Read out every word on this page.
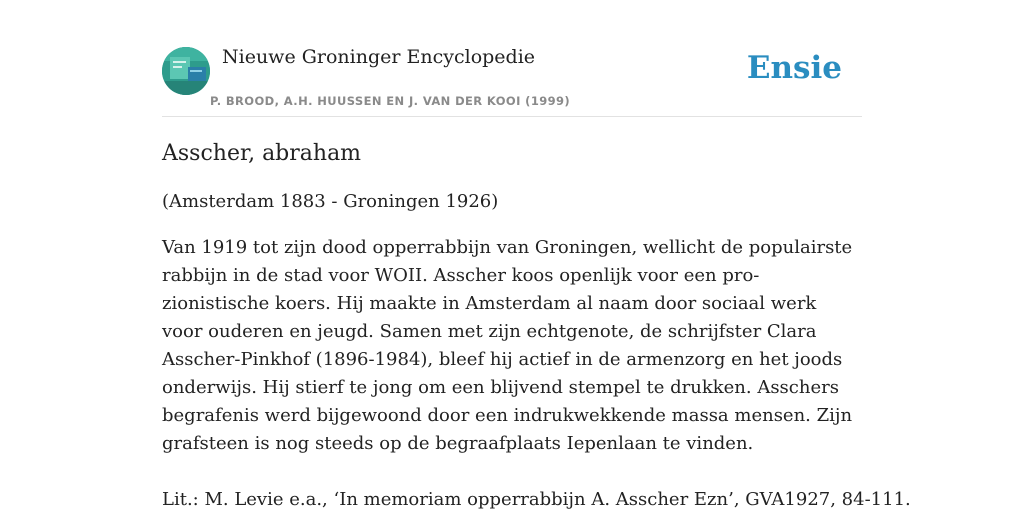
Nieuwe Groninger Encyclopedie
P. BROOD, A.H. HUUSSEN EN J. VAN DER KOOI (1999)
Ensie
Asscher, abraham

(Amsterdam 1883 - Groningen 1926)

Van 1919 tot zijn dood opperrabbijn van Groningen, wellicht de populairste rabbijn in de stad voor WOII. Asscher koos openlijk voor een pro-zionistische koers. Hij maakte in Amsterdam al naam door sociaal werk voor ouderen en jeugd. Samen met zijn echtgenote, de schrijfster Clara Asscher-Pinkhof (1896-1984), bleef hij actief in de armenzorg en het joods onderwijs. Hij stierf te jong om een blijvend stempel te drukken. Asschers begrafenis werd bijgewoond door een indrukwekkende massa mensen. Zijn grafsteen is nog steeds op de begraafplaats Iepenlaan te vinden.

Lit.: M. Levie e.a., ‘In memoriam opperrabbijn A. Asscher Ezn’, GVA1927, 84-111.
